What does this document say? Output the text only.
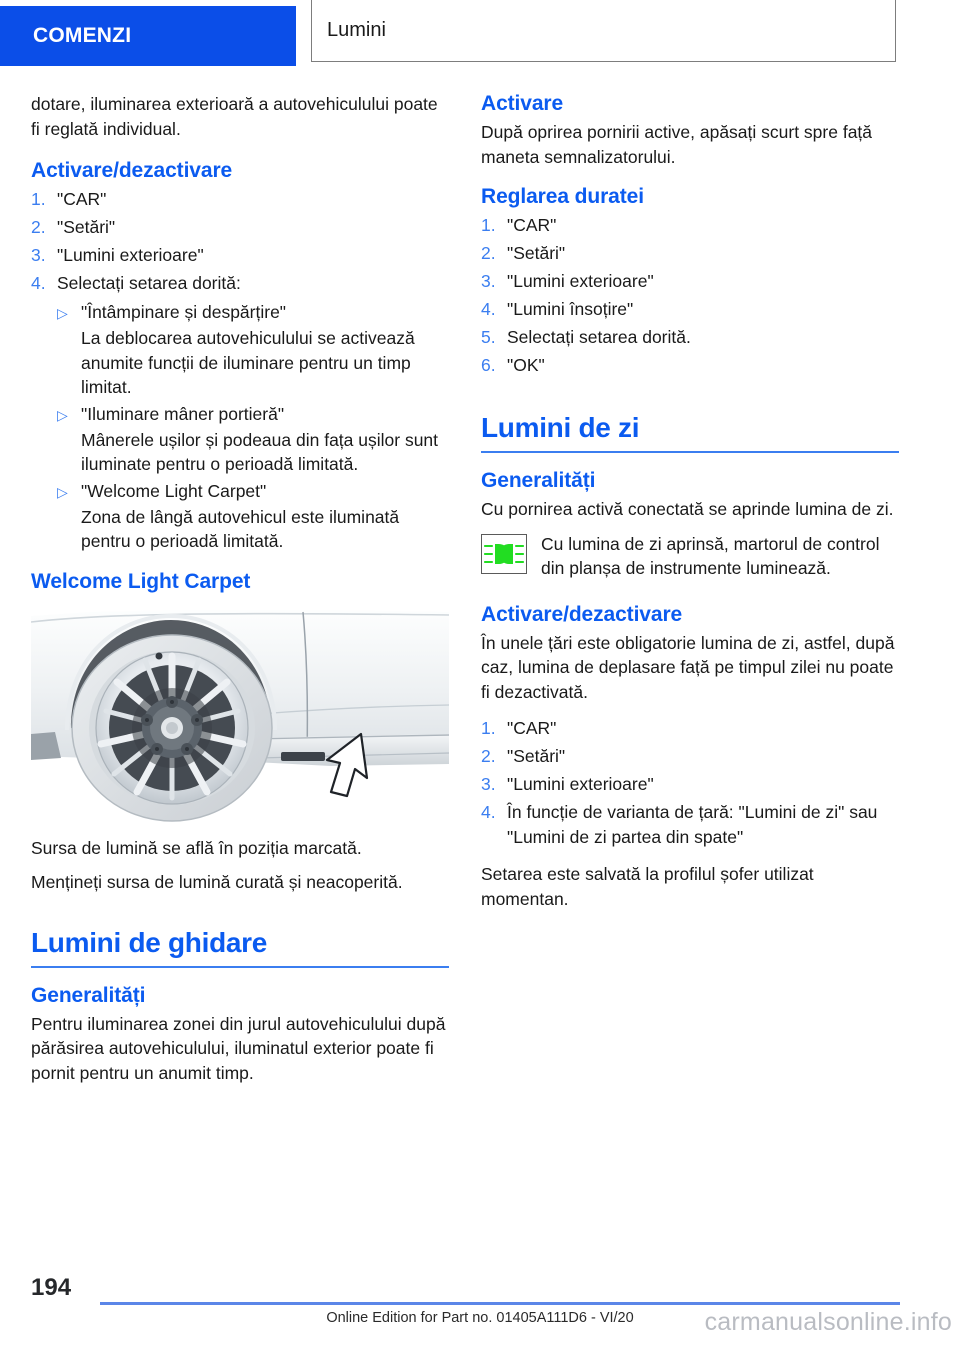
COMENZI	Lumini

dotare, iluminarea exterioară a autovehiculului poate fi reglată individual.

Activare/dezactivare
1. "CAR"
2. "Setări"
3. "Lumini exterioare"
4. Selectați setarea dorită:
▷ "Întâmpinare și despărțire"
La deblocarea autovehiculului se activează anumite funcții de iluminare pentru un timp limitat.
▷ "Iluminare mâner portieră"
Mânerele ușilor și podeaua din fața ușilor sunt iluminate pentru o perioadă limitată.
▷ "Welcome Light Carpet"
Zona de lângă autovehicul este iluminată pentru o perioadă limitată.
Welcome Light Carpet

Sursa de lumină se află în poziția marcată.

Mențineți sursa de lumină curată și neacoperită.

Lumini de ghidare
Generalități

Pentru iluminarea zonei din jurul autovehiculului după părăsirea autovehiculului, iluminatul exterior poate fi pornit pentru un anumit timp.

Activare

După oprirea pornirii active, apăsați scurt spre față maneta semnalizatorului.

Reglarea duratei
1. "CAR"
2. "Setări"
3. "Lumini exterioare"
4. "Lumini însoțire"
5. Selectați setarea dorită.
6. "OK"
Lumini de zi
Generalități

Cu pornirea activă conectată se aprinde lumina de zi.

Cu lumina de zi aprinsă, martorul de control din planșa de instrumente luminează.
Activare/dezactivare

În unele țări este obligatorie lumina de zi, astfel, după caz, lumina de deplasare față pe timpul zilei nu poate fi dezactivată.

1. "CAR"
2. "Setări"
3. "Lumini exterioare"
4. În funcție de varianta de țară: "Lumini de zi" sau "Lumini de zi partea din spate"

Setarea este salvată la profilul șofer utilizat momentan.

194
Online Edition for Part no. 01405A111D6 - VI/20	carmanualsonline.info
